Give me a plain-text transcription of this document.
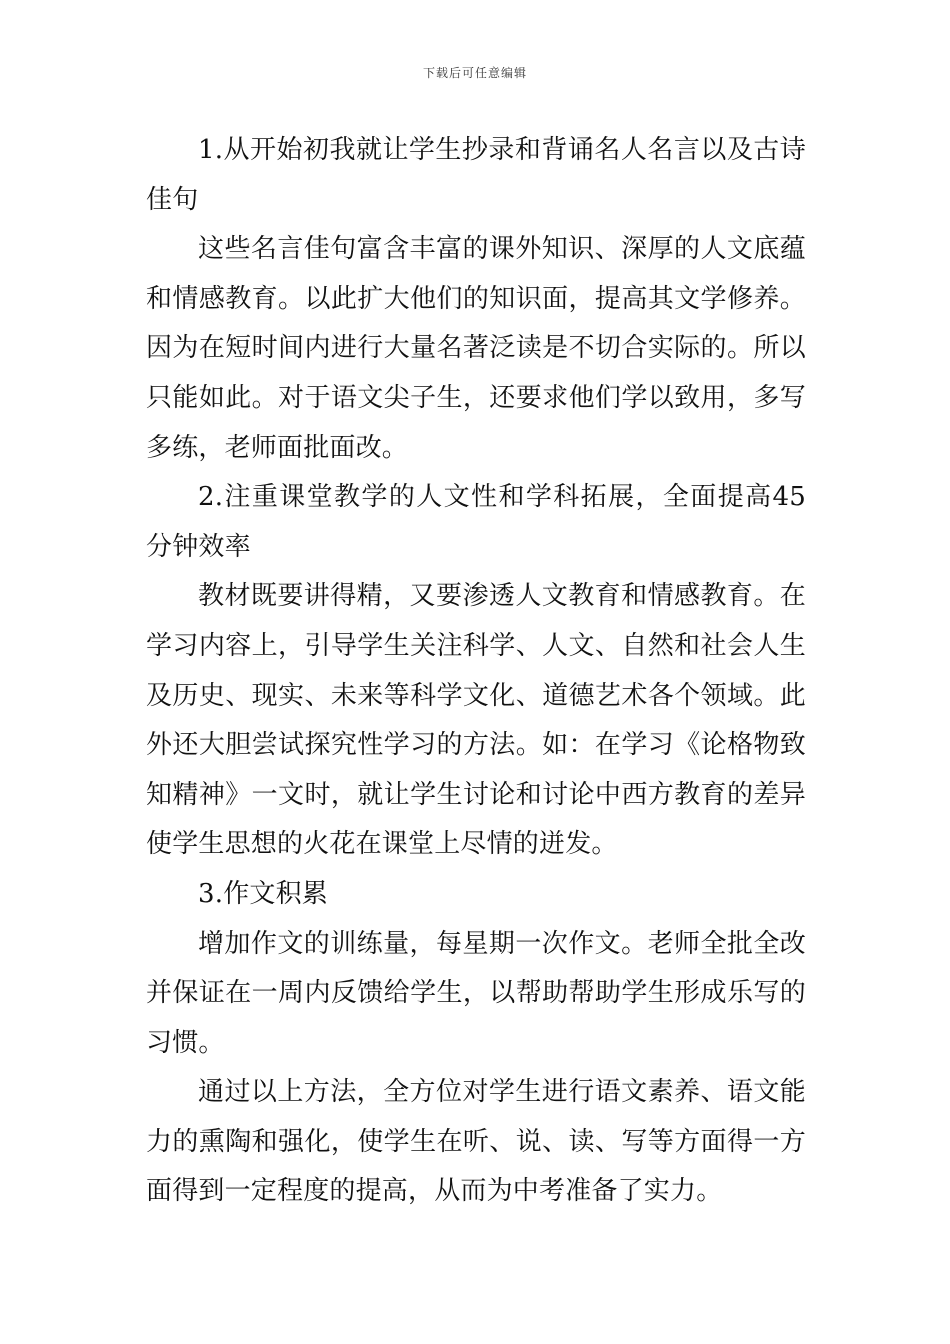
下载后可任意编辑

1.从开始初我就让学生抄录和背诵名人名言以及古诗佳句

这些名言佳句富含丰富的课外知识、深厚的人文底蕴和情感教育。以此扩大他们的知识面，提高其文学修养。因为在短时间内进行大量名著泛读是不切合实际的。所以只能如此。对于语文尖子生，还要求他们学以致用，多写多练，老师面批面改。

2.注重课堂教学的人文性和学科拓展，全面提高45分钟效率

教材既要讲得精，又要渗透人文教育和情感教育。在学习内容上，引导学生关注科学、人文、自然和社会人生及历史、现实、未来等科学文化、道德艺术各个领域。此外还大胆尝试探究性学习的方法。如：在学习《论格物致知精神》一文时，就让学生讨论和讨论中西方教育的差异使学生思想的火花在课堂上尽情的迸发。

3.作文积累

增加作文的训练量，每星期一次作文。老师全批全改并保证在一周内反馈给学生，以帮助帮助学生形成乐写的习惯。

通过以上方法，全方位对学生进行语文素养、语文能力的熏陶和强化，使学生在听、说、读、写等方面得一方面得到一定程度的提高，从而为中考准备了实力。
